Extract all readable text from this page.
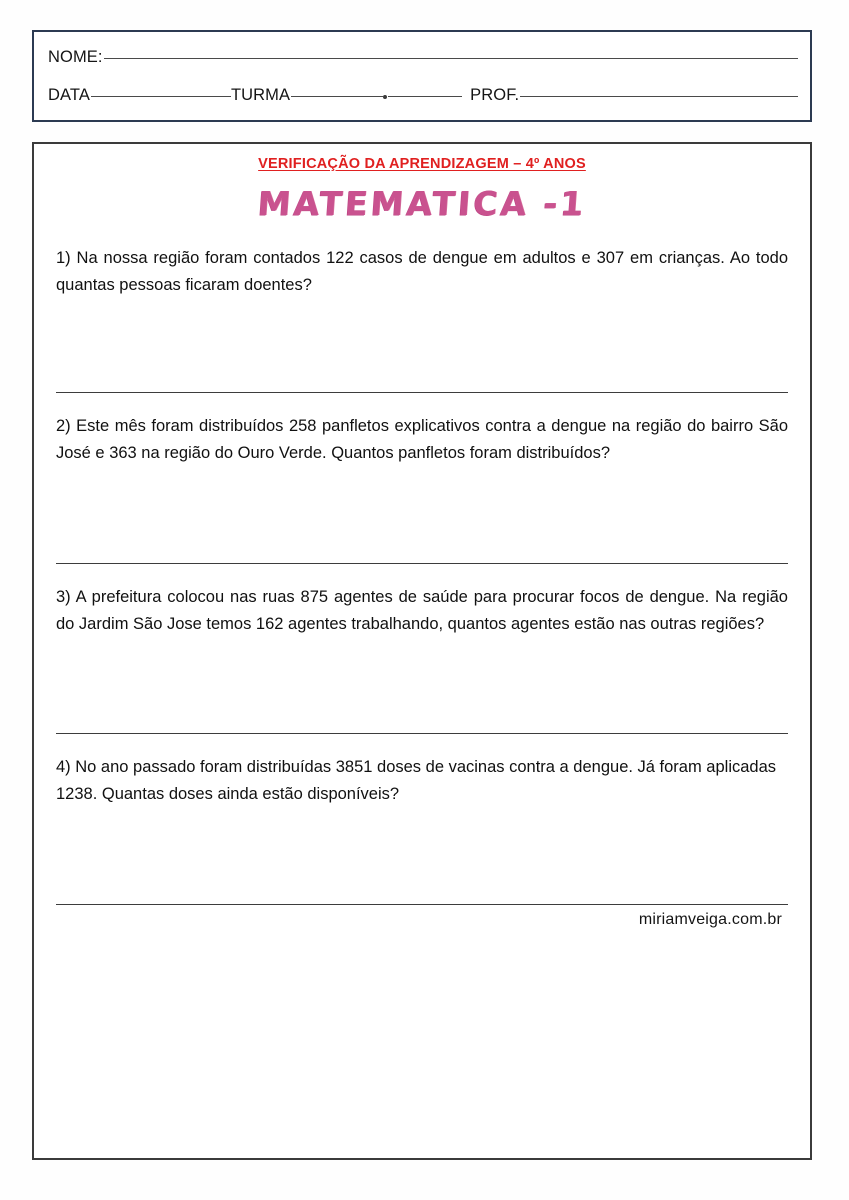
NOME:
DATA	TURMA	PROF.
VERIFICAÇÃO DA APRENDIZAGEM – 4º ANOS
MATEMATICA -1
1) Na nossa região foram contados 122 casos de dengue em adultos e 307 em crianças. Ao todo quantas pessoas ficaram doentes?
2) Este mês foram distribuídos 258 panfletos explicativos contra a dengue na região do bairro São José e 363 na região do Ouro Verde. Quantos panfletos foram distribuídos?
3) A prefeitura colocou nas ruas 875 agentes de saúde para procurar focos de dengue. Na região do Jardim São Jose temos 162 agentes trabalhando, quantos agentes estão nas outras regiões?
4) No ano passado foram distribuídas 3851 doses de vacinas contra a dengue. Já foram aplicadas 1238. Quantas doses ainda estão disponíveis?
miriamveiga.com.br
